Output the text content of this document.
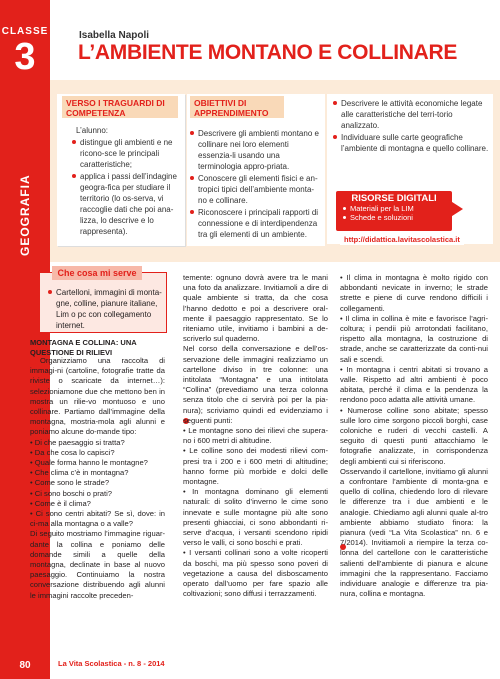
CLASSE
3
GEOGRAFIA
Isabella Napoli
L’AMBIENTE MONTANO E COLLINARE
VERSO I TRAGUARDI DI COMPETENZA
OBIETTIVI DI APPRENDIMENTO
L’alunno:
distingue gli ambienti e ne ricono-sce le principali caratteristiche;
applica i passi dell’indagine geogra-fica per studiare il territorio (lo os-serva, vi raccoglie dati che poi ana-lizza, lo descrive e lo rappresenta).
Descrivere gli ambienti montano e collinare nei loro elementi essenzia-li usando una terminologia appro-priata.
Conoscere gli elementi fisici e an-tropici tipici dell’ambiente monta-no e collinare.
Riconoscere i principali rapporti di connessione e di interdipendenza tra gli elementi di un ambiente.
Descrivere le attività economiche legate alle caratteristiche del terri-torio analizzato.
Individuare sulle carte geografiche l’ambiente di montagna e quello collinare.
RISORSE DIGITALI
Materiali per la LIM
Schede e soluzioni
http://didattica.lavitascolastica.it
Che cosa mi serve
Cartelloni, immagini di monta-gne, colline, pianure italiane, Lim o pc con collegamento internet.
MONTAGNA E COLLINA: UNA QUESTIONE DI RILIEVI
Organizziamo una raccolta di immagi-ni (cartoline, fotografie tratte da riviste o scaricate da internet…): selezioniamone due che mettono ben in mostra un rilie-vo montuoso e uno collinare. Partiamo dall’immagine della montagna, mostria-mola agli alunni e poniamo alcune do-mande tipo:
• Di che paesaggio si tratta?
• Da che cosa lo capisci?
• Quale forma hanno le montagne?
• Che clima c’è in montagna?
• Come sono le strade?
• Ci sono boschi o prati?
• Come è il clima?
• Ci sono centri abitati? Se sì, dove: in ci-ma alla montagna o a valle?
Di seguito mostriamo l’immagine riguar-dante la collina e poniamo delle domande simili a quelle della montagna, declinate in base al nuovo paesaggio. Continuiamo la nostra conversazione distribuendo agli alunni le immagini raccolte preceden-
temente: ognuno dovrà avere tra le mani una foto da analizzare. Invitiamoli a dire di quale ambiente si tratta, da che cosa l’hanno dedotto e poi a descrivere oral-mente il paesaggio rappresentato. Se lo riteniamo utile, invitiamo i bambini a de-scriverlo sul quaderno.
Nel corso della conversazione e dell’os-servazione delle immagini realizziamo un cartellone diviso in tre colonne: una intitolata “Montagna” e una intitolata “Collina” (prevediamo una terza colonna senza titolo che ci servirà poi per la pia-nura); scriviamo quindi ed evidenziamo i seguenti punti:
• Le montagne sono dei rilievi che supera-no i 600 metri di altitudine.
• Le colline sono dei modesti rilievi com-presi tra i 200 e i 600 metri di altitudine; hanno forme più morbide e dolci delle montagne.
• In montagna dominano gli elementi naturali: di solito d’inverno le cime sono innevate e sulle montagne più alte sono presenti ghiacciai, ci sono abbondanti ri-serve d’acqua, i versanti scendono ripidi verso le valli, ci sono boschi e prati.
• I versanti collinari sono a volte ricoperti da boschi, ma più spesso sono poveri di vegetazione a causa del disboscamento operato dall’uomo per fare spazio alle coltivazioni; sono diffusi i terrazzamenti.
• Il clima in montagna è molto rigido con abbondanti nevicate in inverno; le strade strette e piene di curve rendono difficili i collegamenti.
• Il clima in collina è mite e favorisce l’agri-coltura; i pendii più arrotondati facilitano, rispetto alla montagna, la costruzione di strade, anche se caratterizzate da conti-nui sali e scendi.
• In montagna i centri abitati si trovano a valle. Rispetto ad altri ambienti è poco abitata, perché il clima e la pendenza la rendono poco adatta alle attività umane.
• Numerose colline sono abitate; spesso sulle loro cime sorgono piccoli borghi, case coloniche e ruderi di vecchi castelli. A seguito di questi punti attacchiamo le fotografie analizzate, in corrispondenza degli ambienti cui si riferiscono.
Osservando il cartellone, invitiamo gli alunni a confrontare l’ambiente di monta-gna e quello di collina, chiedendo loro di rilevare le differenze tra i due ambienti e le analogie. Chiediamo agli alunni quale al-tro ambiente abbiamo studiato finora: la pianura (vedi “La Vita Scolastica” nn. 6 e 7/2014). Invitiamoli a riempire la terza co-lonna del cartellone con le caratteristiche salienti dell’ambiente di pianura e alcune immagini che la rappresentano. Facciamo individuare analogie e differenze tra pia-nura, collina e montagna.
80	La Vita Scolastica - n. 8 - 2014
